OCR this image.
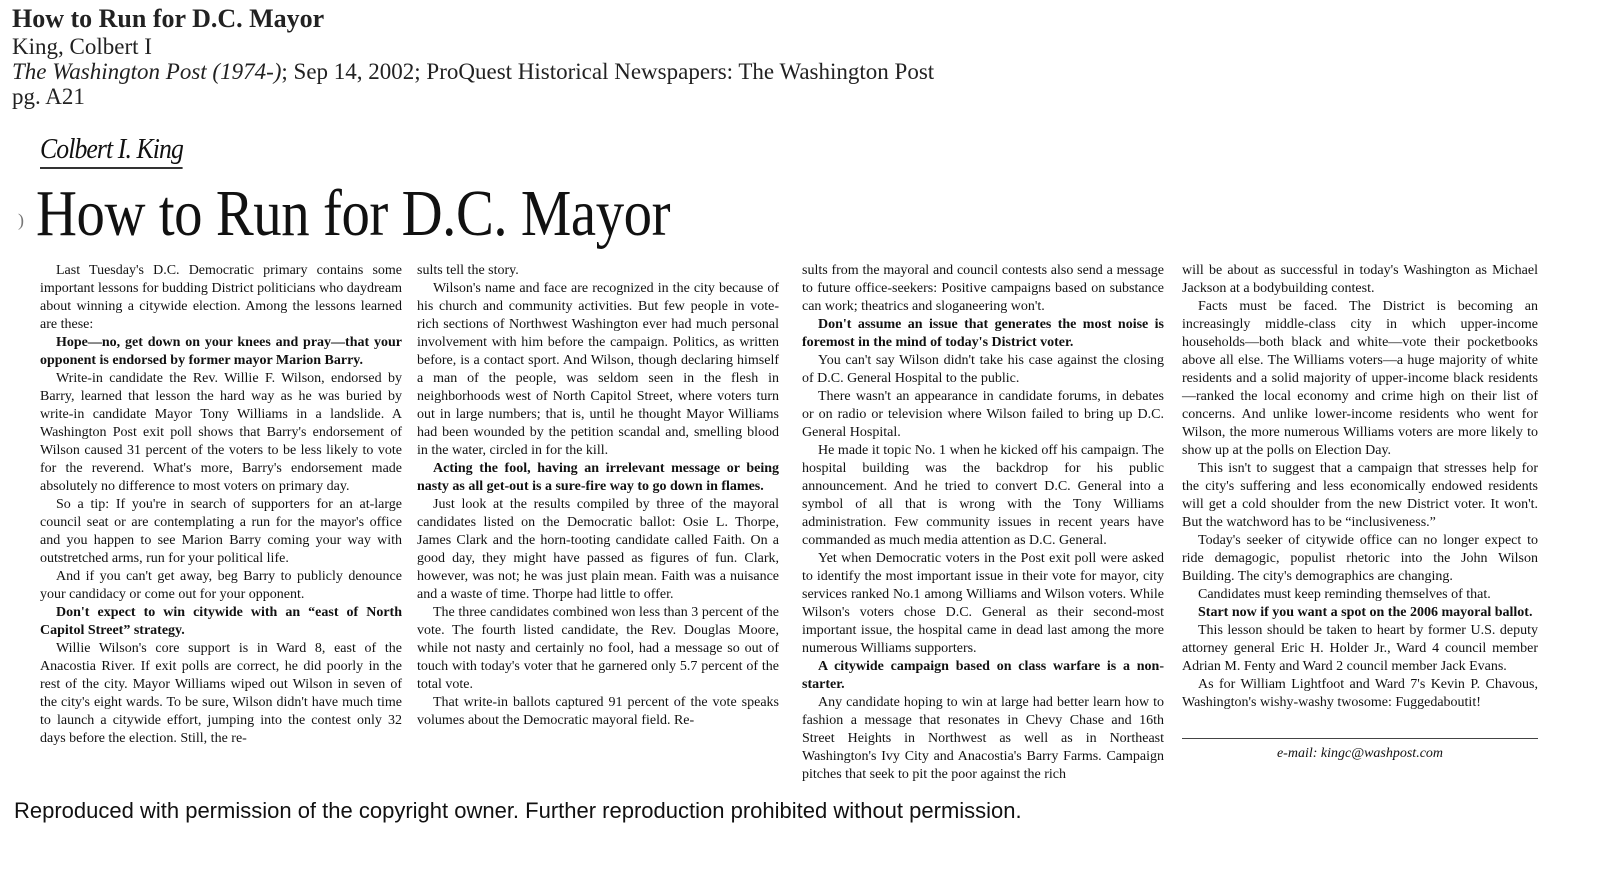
How to Run for D.C. Mayor
King, Colbert I
The Washington Post (1974-); Sep 14, 2002; ProQuest Historical Newspapers: The Washington Post
pg. A21
Colbert I. King
) How to Run for D.C. Mayor

Last Tuesday's D.C. Democratic primary contains some important lessons for budding District politicians who daydream about winning a citywide election. Among the lessons learned are these:

Hope—no, get down on your knees and pray—that your opponent is endorsed by former mayor Marion Barry.

Write-in candidate the Rev. Willie F. Wilson, endorsed by Barry, learned that lesson the hard way as he was buried by write-in candidate Mayor Tony Williams in a landslide. A Washington Post exit poll shows that Barry's endorsement of Wilson caused 31 percent of the voters to be less likely to vote for the reverend. What's more, Barry's endorsement made absolutely no difference to most voters on primary day.

So a tip: If you're in search of supporters for an at-large council seat or are contemplating a run for the mayor's office and you happen to see Marion Barry coming your way with outstretched arms, run for your political life.

And if you can't get away, beg Barry to publicly denounce your candidacy or come out for your opponent.

Don't expect to win citywide with an “east of North Capitol Street” strategy.

Willie Wilson's core support is in Ward 8, east of the Anacostia River. If exit polls are correct, he did poorly in the rest of the city. Mayor Williams wiped out Wilson in seven of the city's eight wards. To be sure, Wilson didn't have much time to launch a citywide effort, jumping into the contest only 32 days before the election. Still, the re-

sults tell the story.

Wilson's name and face are recognized in the city because of his church and community activities. But few people in vote-rich sections of Northwest Washington ever had much personal involvement with him before the campaign. Politics, as written before, is a contact sport. And Wilson, though declaring himself a man of the people, was seldom seen in the flesh in neighborhoods west of North Capitol Street, where voters turn out in large numbers; that is, until he thought Mayor Williams had been wounded by the petition scandal and, smelling blood in the water, circled in for the kill.

Acting the fool, having an irrelevant message or being nasty as all get-out is a sure-fire way to go down in flames.

Just look at the results compiled by three of the mayoral candidates listed on the Democratic ballot: Osie L. Thorpe, James Clark and the horn-tooting candidate called Faith. On a good day, they might have passed as figures of fun. Clark, however, was not; he was just plain mean. Faith was a nuisance and a waste of time. Thorpe had little to offer.

The three candidates combined won less than 3 percent of the vote. The fourth listed candidate, the Rev. Douglas Moore, while not nasty and certainly no fool, had a message so out of touch with today's voter that he garnered only 5.7 percent of the total vote.

That write-in ballots captured 91 percent of the vote speaks volumes about the Democratic mayoral field. Re-

sults from the mayoral and council contests also send a message to future office-seekers: Positive campaigns based on substance can work; theatrics and sloganeering won't.

Don't assume an issue that generates the most noise is foremost in the mind of today's District voter.

You can't say Wilson didn't take his case against the closing of D.C. General Hospital to the public.

There wasn't an appearance in candidate forums, in debates or on radio or television where Wilson failed to bring up D.C. General Hospital.

He made it topic No. 1 when he kicked off his campaign. The hospital building was the backdrop for his public announcement. And he tried to convert D.C. General into a symbol of all that is wrong with the Tony Williams administration. Few community issues in recent years have commanded as much media attention as D.C. General.

Yet when Democratic voters in the Post exit poll were asked to identify the most important issue in their vote for mayor, city services ranked No.1 among Williams and Wilson voters. While Wilson's voters chose D.C. General as their second-most important issue, the hospital came in dead last among the more numerous Williams supporters.

A citywide campaign based on class warfare is a non-starter.

Any candidate hoping to win at large had better learn how to fashion a message that resonates in Chevy Chase and 16th Street Heights in Northwest as well as in Northeast Washington's Ivy City and Anacostia's Barry Farms. Campaign pitches that seek to pit the poor against the rich

will be about as successful in today's Washington as Michael Jackson at a bodybuilding contest.

Facts must be faced. The District is becoming an increasingly middle-class city in which upper-income households—both black and white—vote their pocketbooks above all else. The Williams voters—a huge majority of white residents and a solid majority of upper-income black residents—ranked the local economy and crime high on their list of concerns. And unlike lower-income residents who went for Wilson, the more numerous Williams voters are more likely to show up at the polls on Election Day.

This isn't to suggest that a campaign that stresses help for the city's suffering and less economically endowed residents will get a cold shoulder from the new District voter. It won't. But the watchword has to be “inclusiveness.”

Today's seeker of citywide office can no longer expect to ride demagogic, populist rhetoric into the John Wilson Building. The city's demographics are changing.

Candidates must keep reminding themselves of that.

Start now if you want a spot on the 2006 mayoral ballot.

This lesson should be taken to heart by former U.S. deputy attorney general Eric H. Holder Jr., Ward 4 council member Adrian M. Fenty and Ward 2 council member Jack Evans.

As for William Lightfoot and Ward 7's Kevin P. Chavous, Washington's wishy-washy twosome: Fuggedaboutit!

e-mail: kingc@washpost.com
Reproduced with permission of the copyright owner. Further reproduction prohibited without permission.
